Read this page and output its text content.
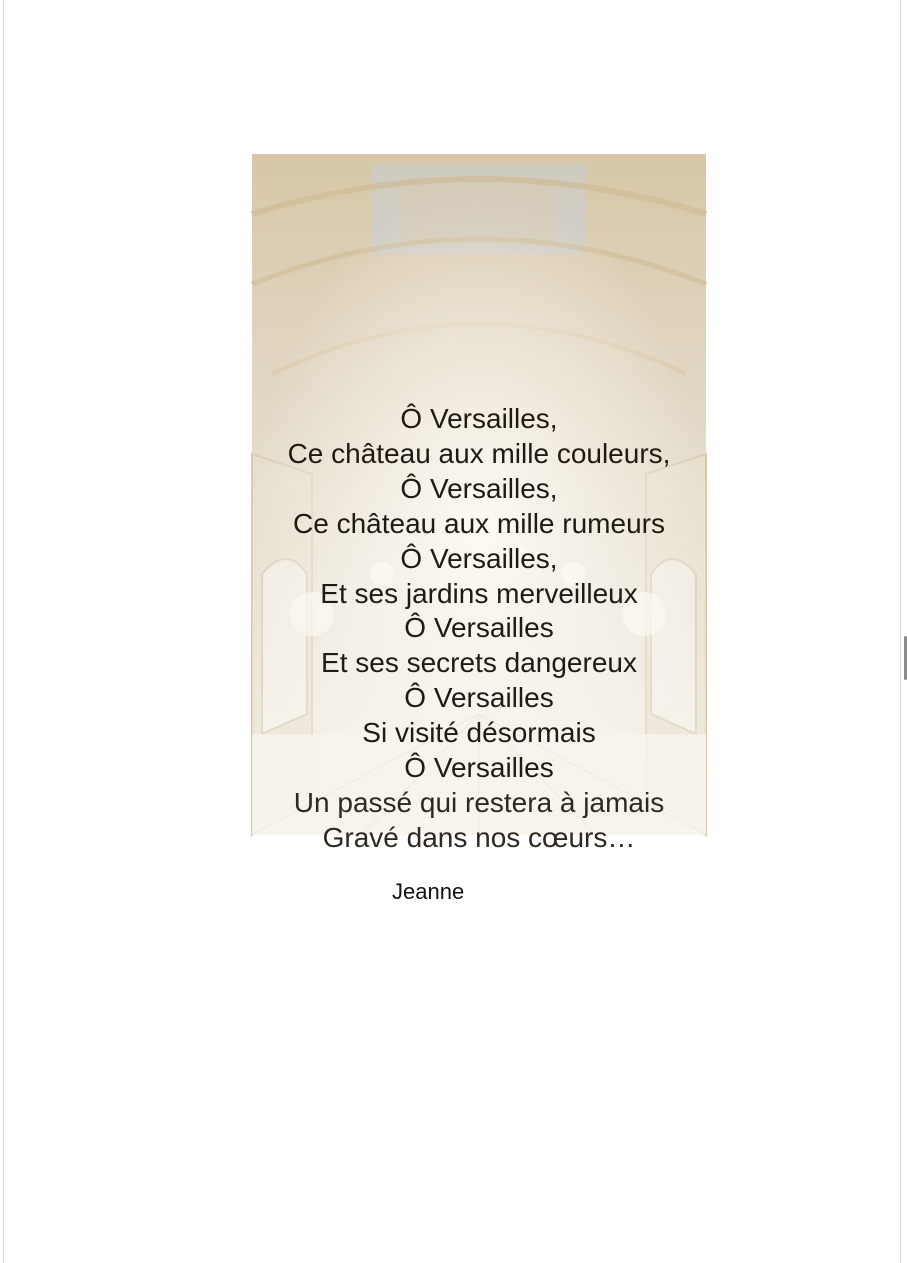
Ô Versailles,

Ce château aux mille couleurs,

Ô Versailles,

Ce château aux mille rumeurs

Ô Versailles,

Et ses jardins merveilleux

Ô Versailles

Et ses secrets dangereux

Ô Versailles

Si visité désormais

Ô Versailles

Un passé qui restera à jamais

Gravé dans nos cœurs…

Jeanne
